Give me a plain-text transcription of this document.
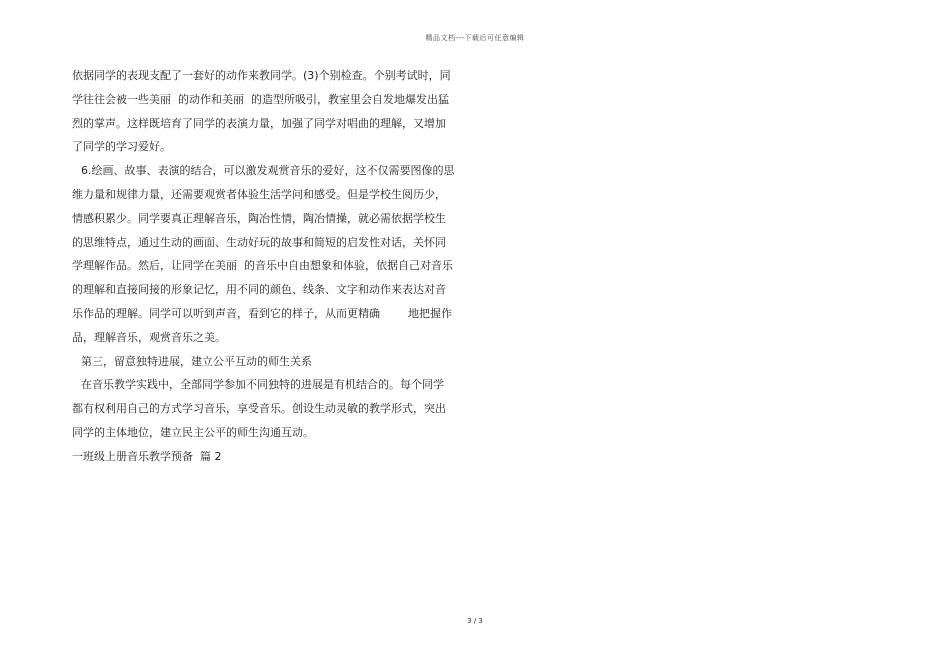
精品文档---下载后可任意编辑
依据同学的表现支配了一套好的动作来教同学。(3)个别检查。个别考试时，同
学往往会被一些美丽  的动作和美丽  的造型所吸引，教室里会自发地爆发出猛
烈的掌声。这样既培育了同学的表演力量，加强了同学对唱曲的理解，又增加
了同学的学习爱好。
6.绘画、故事、表演的结合，可以激发观赏音乐的爱好，这不仅需要图像的思
维力量和规律力量，还需要观赏者体验生活学问和感受。但是学校生阅历少，
情感积累少。同学要真正理解音乐，陶冶性情，陶冶情操，就必需依据学校生
的思维特点，通过生动的画面、生动好玩的故事和简短的启发性对话，关怀同
学理解作品。然后，让同学在美丽  的音乐中自由想象和体验，依据自己对音乐
的理解和直接间接的形象记忆，用不同的颜色、线条、文字和动作来表达对音
乐作品的理解。同学可以听到声音，看到它的样子，从而更精确        地把握作
品，理解音乐，观赏音乐之美。
第三，留意独特进展，建立公平互动的师生关系
在音乐教学实践中，全部同学参加不同独特的进展是有机结合的。每个同学
都有权利用自己的方式学习音乐，享受音乐。创设生动灵敏的教学形式，突出
同学的主体地位，建立民主公平的师生沟通互动。
一班级上册音乐教学预备  篇 2
3 / 3
